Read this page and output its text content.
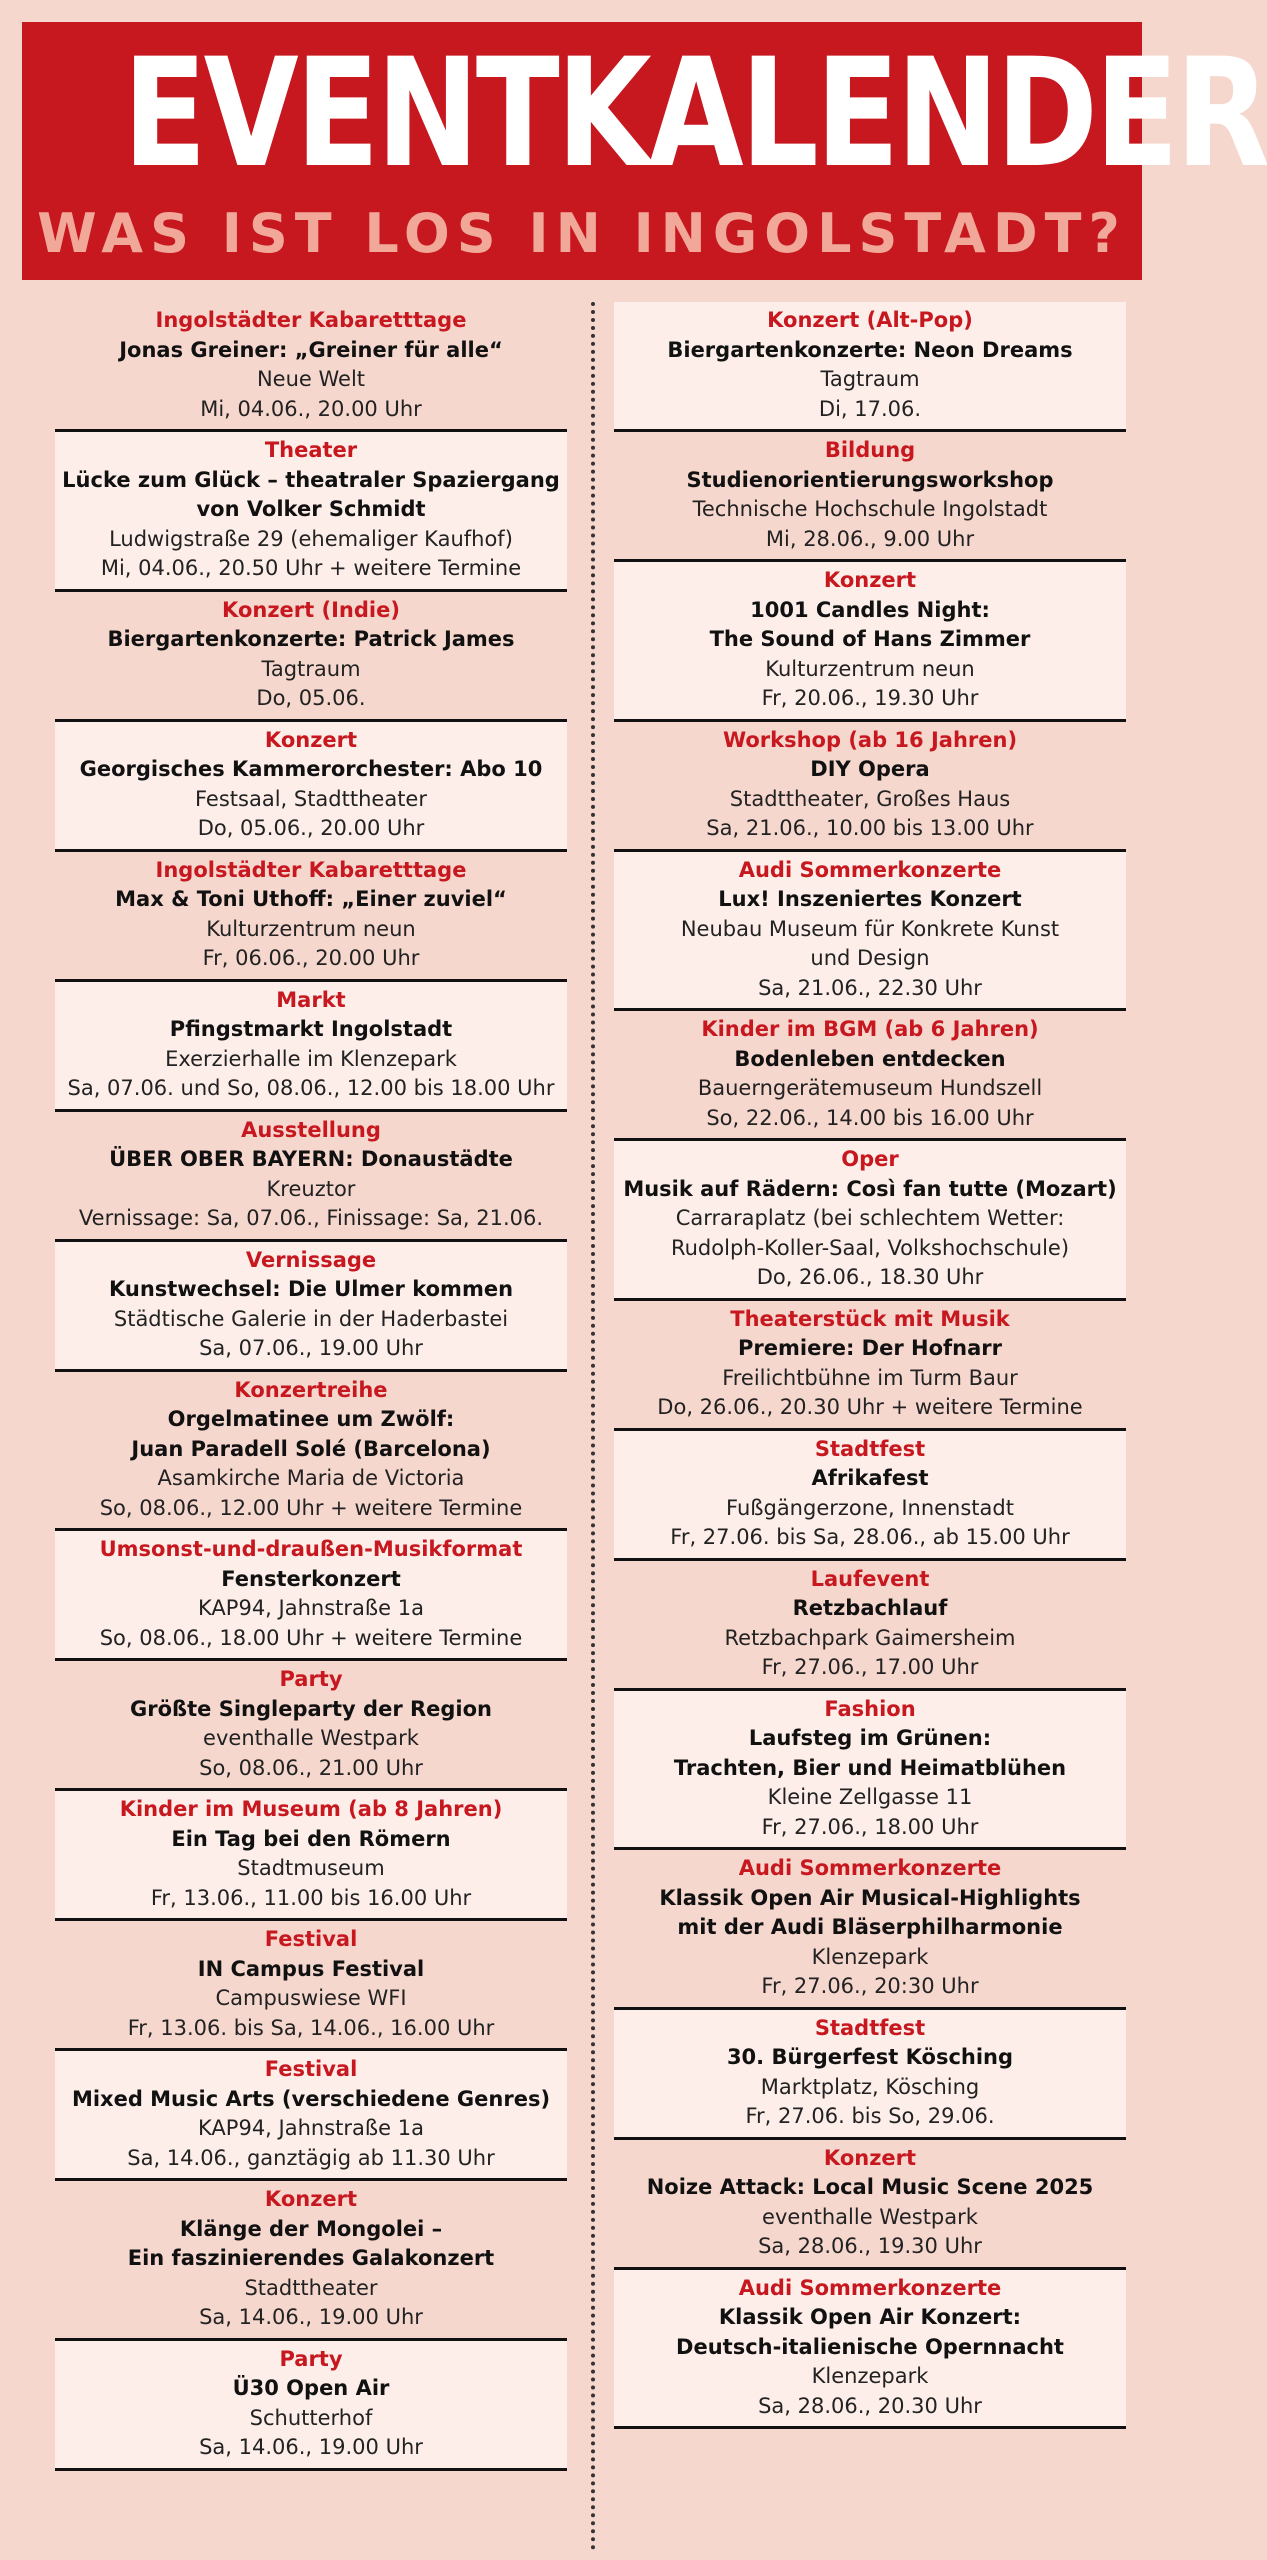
EVENTKALENDER
WAS IST LOS IN INGOLSTADT?
Ingolstädter Kabaretttage
Jonas Greiner: „Greiner für alle“
Neue Welt
Mi, 04.06., 20.00 Uhr
Theater
Lücke zum Glück – theatraler Spaziergang
von Volker Schmidt
Ludwigstraße 29 (ehemaliger Kaufhof)
Mi, 04.06., 20.50 Uhr + weitere Termine
Konzert (Indie)
Biergartenkonzerte: Patrick James
Tagtraum
Do, 05.06.
Konzert
Georgisches Kammerorchester: Abo 10
Festsaal, Stadttheater
Do, 05.06., 20.00 Uhr
Ingolstädter Kabaretttage
Max & Toni Uthoff: „Einer zuviel“
Kulturzentrum neun
Fr, 06.06., 20.00 Uhr
Markt
Pfingstmarkt Ingolstadt
Exerzierhalle im Klenzepark
Sa, 07.06. und So, 08.06., 12.00 bis 18.00 Uhr
Ausstellung
ÜBER OBER BAYERN: Donaustädte
Kreuztor
Vernissage: Sa, 07.06., Finissage: Sa, 21.06.
Vernissage
Kunstwechsel: Die Ulmer kommen
Städtische Galerie in der Haderbastei
Sa, 07.06., 19.00 Uhr
Konzertreihe
Orgelmatinee um Zwölf:
Juan Paradell Solé (Barcelona)
Asamkirche Maria de Victoria
So, 08.06., 12.00 Uhr + weitere Termine
Umsonst-und-draußen-Musikformat
Fensterkonzert
KAP94, Jahnstraße 1a
So, 08.06., 18.00 Uhr + weitere Termine
Party
Größte Singleparty der Region
eventhalle Westpark
So, 08.06., 21.00 Uhr
Kinder im Museum (ab 8 Jahren)
Ein Tag bei den Römern
Stadtmuseum
Fr, 13.06., 11.00 bis 16.00 Uhr
Festival
IN Campus Festival
Campuswiese WFI
Fr, 13.06. bis Sa, 14.06., 16.00 Uhr
Festival
Mixed Music Arts (verschiedene Genres)
KAP94, Jahnstraße 1a
Sa, 14.06., ganztägig ab 11.30 Uhr
Konzert
Klänge der Mongolei –
Ein faszinierendes Galakonzert
Stadttheater
Sa, 14.06., 19.00 Uhr
Party
Ü30 Open Air
Schutterhof
Sa, 14.06., 19.00 Uhr
Konzert (Alt-Pop)
Biergartenkonzerte: Neon Dreams
Tagtraum
Di, 17.06.
Bildung
Studienorientierungsworkshop
Technische Hochschule Ingolstadt
Mi, 28.06., 9.00 Uhr
Konzert
1001 Candles Night:
The Sound of Hans Zimmer
Kulturzentrum neun
Fr, 20.06., 19.30 Uhr
Workshop (ab 16 Jahren)
DIY Opera
Stadttheater, Großes Haus
Sa, 21.06., 10.00 bis 13.00 Uhr
Audi Sommerkonzerte
Lux! Inszeniertes Konzert
Neubau Museum für Konkrete Kunst
und Design
Sa, 21.06., 22.30 Uhr
Kinder im BGM (ab 6 Jahren)
Bodenleben entdecken
Bauerngerätemuseum Hundszell
So, 22.06., 14.00 bis 16.00 Uhr
Oper
Musik auf Rädern: Così fan tutte (Mozart)
Carraraplatz (bei schlechtem Wetter:
Rudolph-Koller-Saal, Volkshochschule)
Do, 26.06., 18.30 Uhr
Theaterstück mit Musik
Premiere: Der Hofnarr
Freilichtbühne im Turm Baur
Do, 26.06., 20.30 Uhr + weitere Termine
Stadtfest
Afrikafest
Fußgängerzone, Innenstadt
Fr, 27.06. bis Sa, 28.06., ab 15.00 Uhr
Laufevent
Retzbachlauf
Retzbachpark Gaimersheim
Fr, 27.06., 17.00 Uhr
Fashion
Laufsteg im Grünen:
Trachten, Bier und Heimatblühen
Kleine Zellgasse 11
Fr, 27.06., 18.00 Uhr
Audi Sommerkonzerte
Klassik Open Air Musical-Highlights
mit der Audi Bläserphilharmonie
Klenzepark
Fr, 27.06., 20:30 Uhr
Stadtfest
30. Bürgerfest Kösching
Marktplatz, Kösching
Fr, 27.06. bis So, 29.06.
Konzert
Noize Attack: Local Music Scene 2025
eventhalle Westpark
Sa, 28.06., 19.30 Uhr
Audi Sommerkonzerte
Klassik Open Air Konzert:
Deutsch-italienische Opernnacht
Klenzepark
Sa, 28.06., 20.30 Uhr
